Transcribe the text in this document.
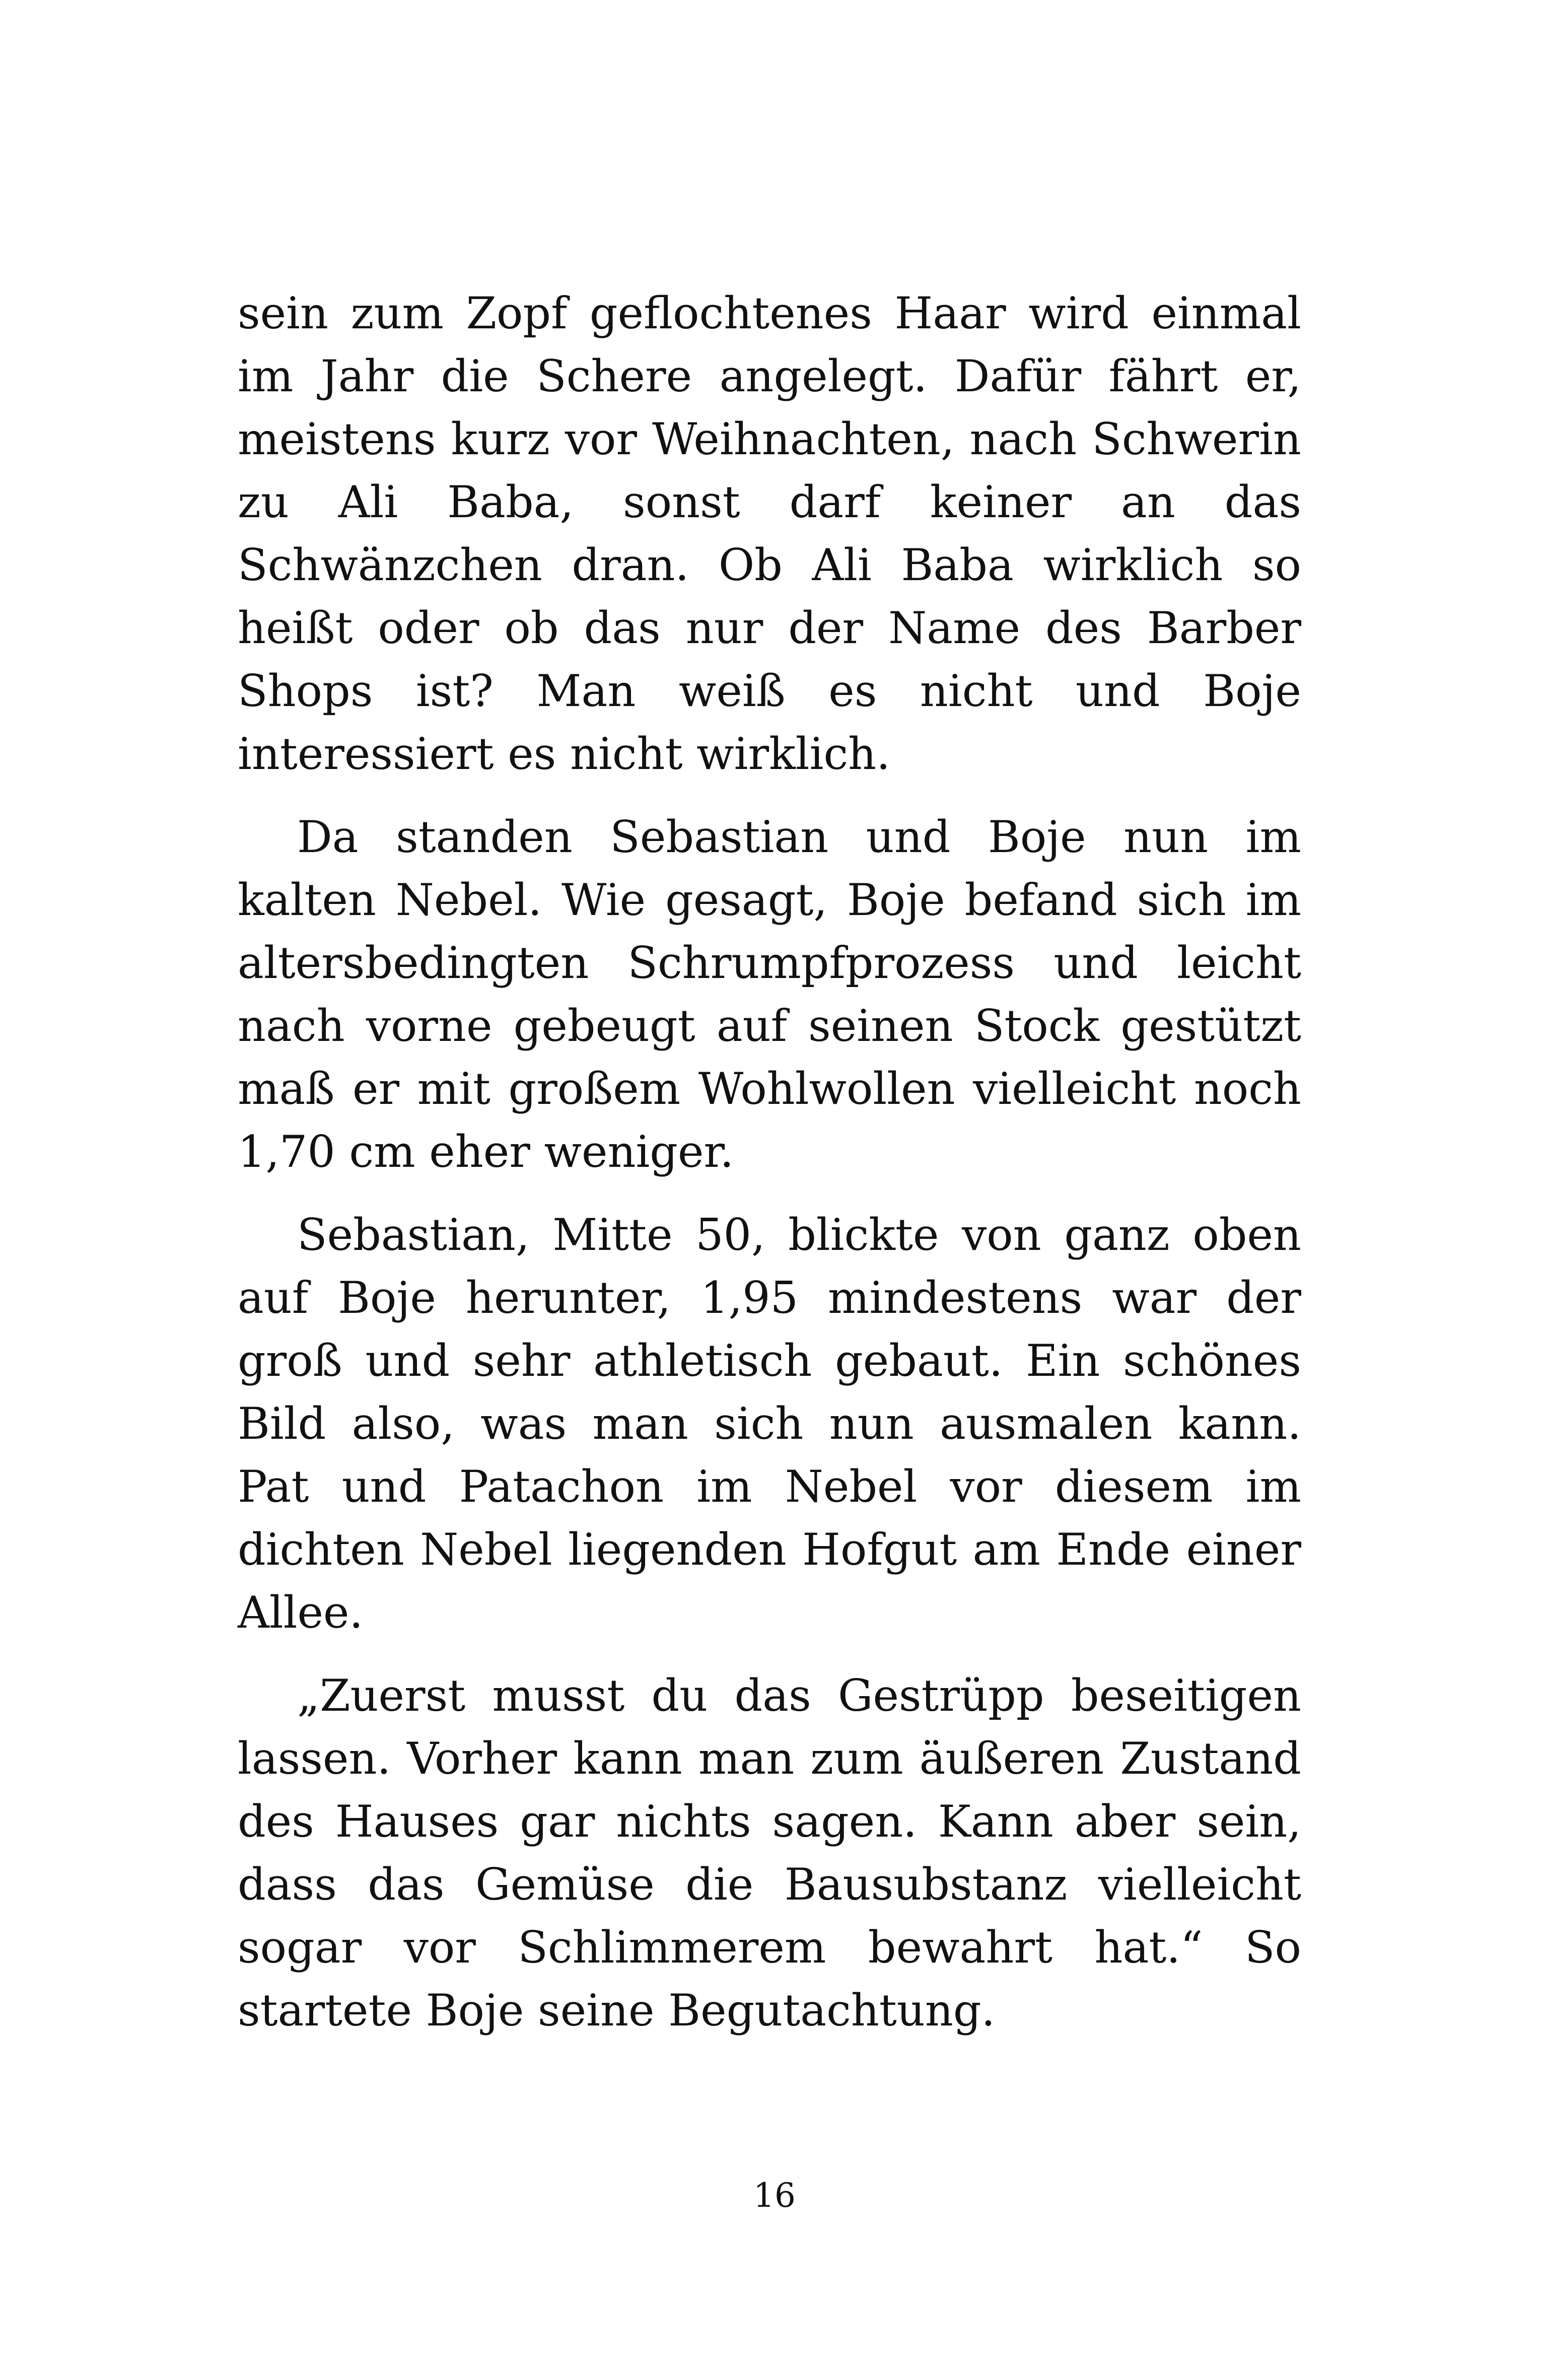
sein zum Zopf geflochtenes Haar wird einmal im Jahr die Schere angelegt. Dafür fährt er, meistens kurz vor Weihnachten, nach Schwerin zu Ali Baba, sonst darf keiner an das Schwänzchen dran. Ob Ali Baba wirklich so heißt oder ob das nur der Name des Barber Shops ist? Man weiß es nicht und Boje interessiert es nicht wirklich.

Da standen Sebastian und Boje nun im kalten Nebel. Wie gesagt, Boje befand sich im altersbedingten Schrumpfprozess und leicht nach vorne gebeugt auf seinen Stock gestützt maß er mit großem Wohlwollen vielleicht noch 1,70 cm eher weniger.

Sebastian, Mitte 50, blickte von ganz oben auf Boje herunter, 1,95 mindestens war der groß und sehr athletisch gebaut. Ein schönes Bild also, was man sich nun ausmalen kann. Pat und Patachon im Nebel vor diesem im dichten Nebel liegenden Hofgut am Ende einer Allee.

„Zuerst musst du das Gestrüpp beseitigen lassen. Vorher kann man zum äußeren Zustand des Hauses gar nichts sagen. Kann aber sein, dass das Gemüse die Bausubstanz vielleicht sogar vor Schlimmerem bewahrt hat.“ So startete Boje seine Begutachtung.

16
